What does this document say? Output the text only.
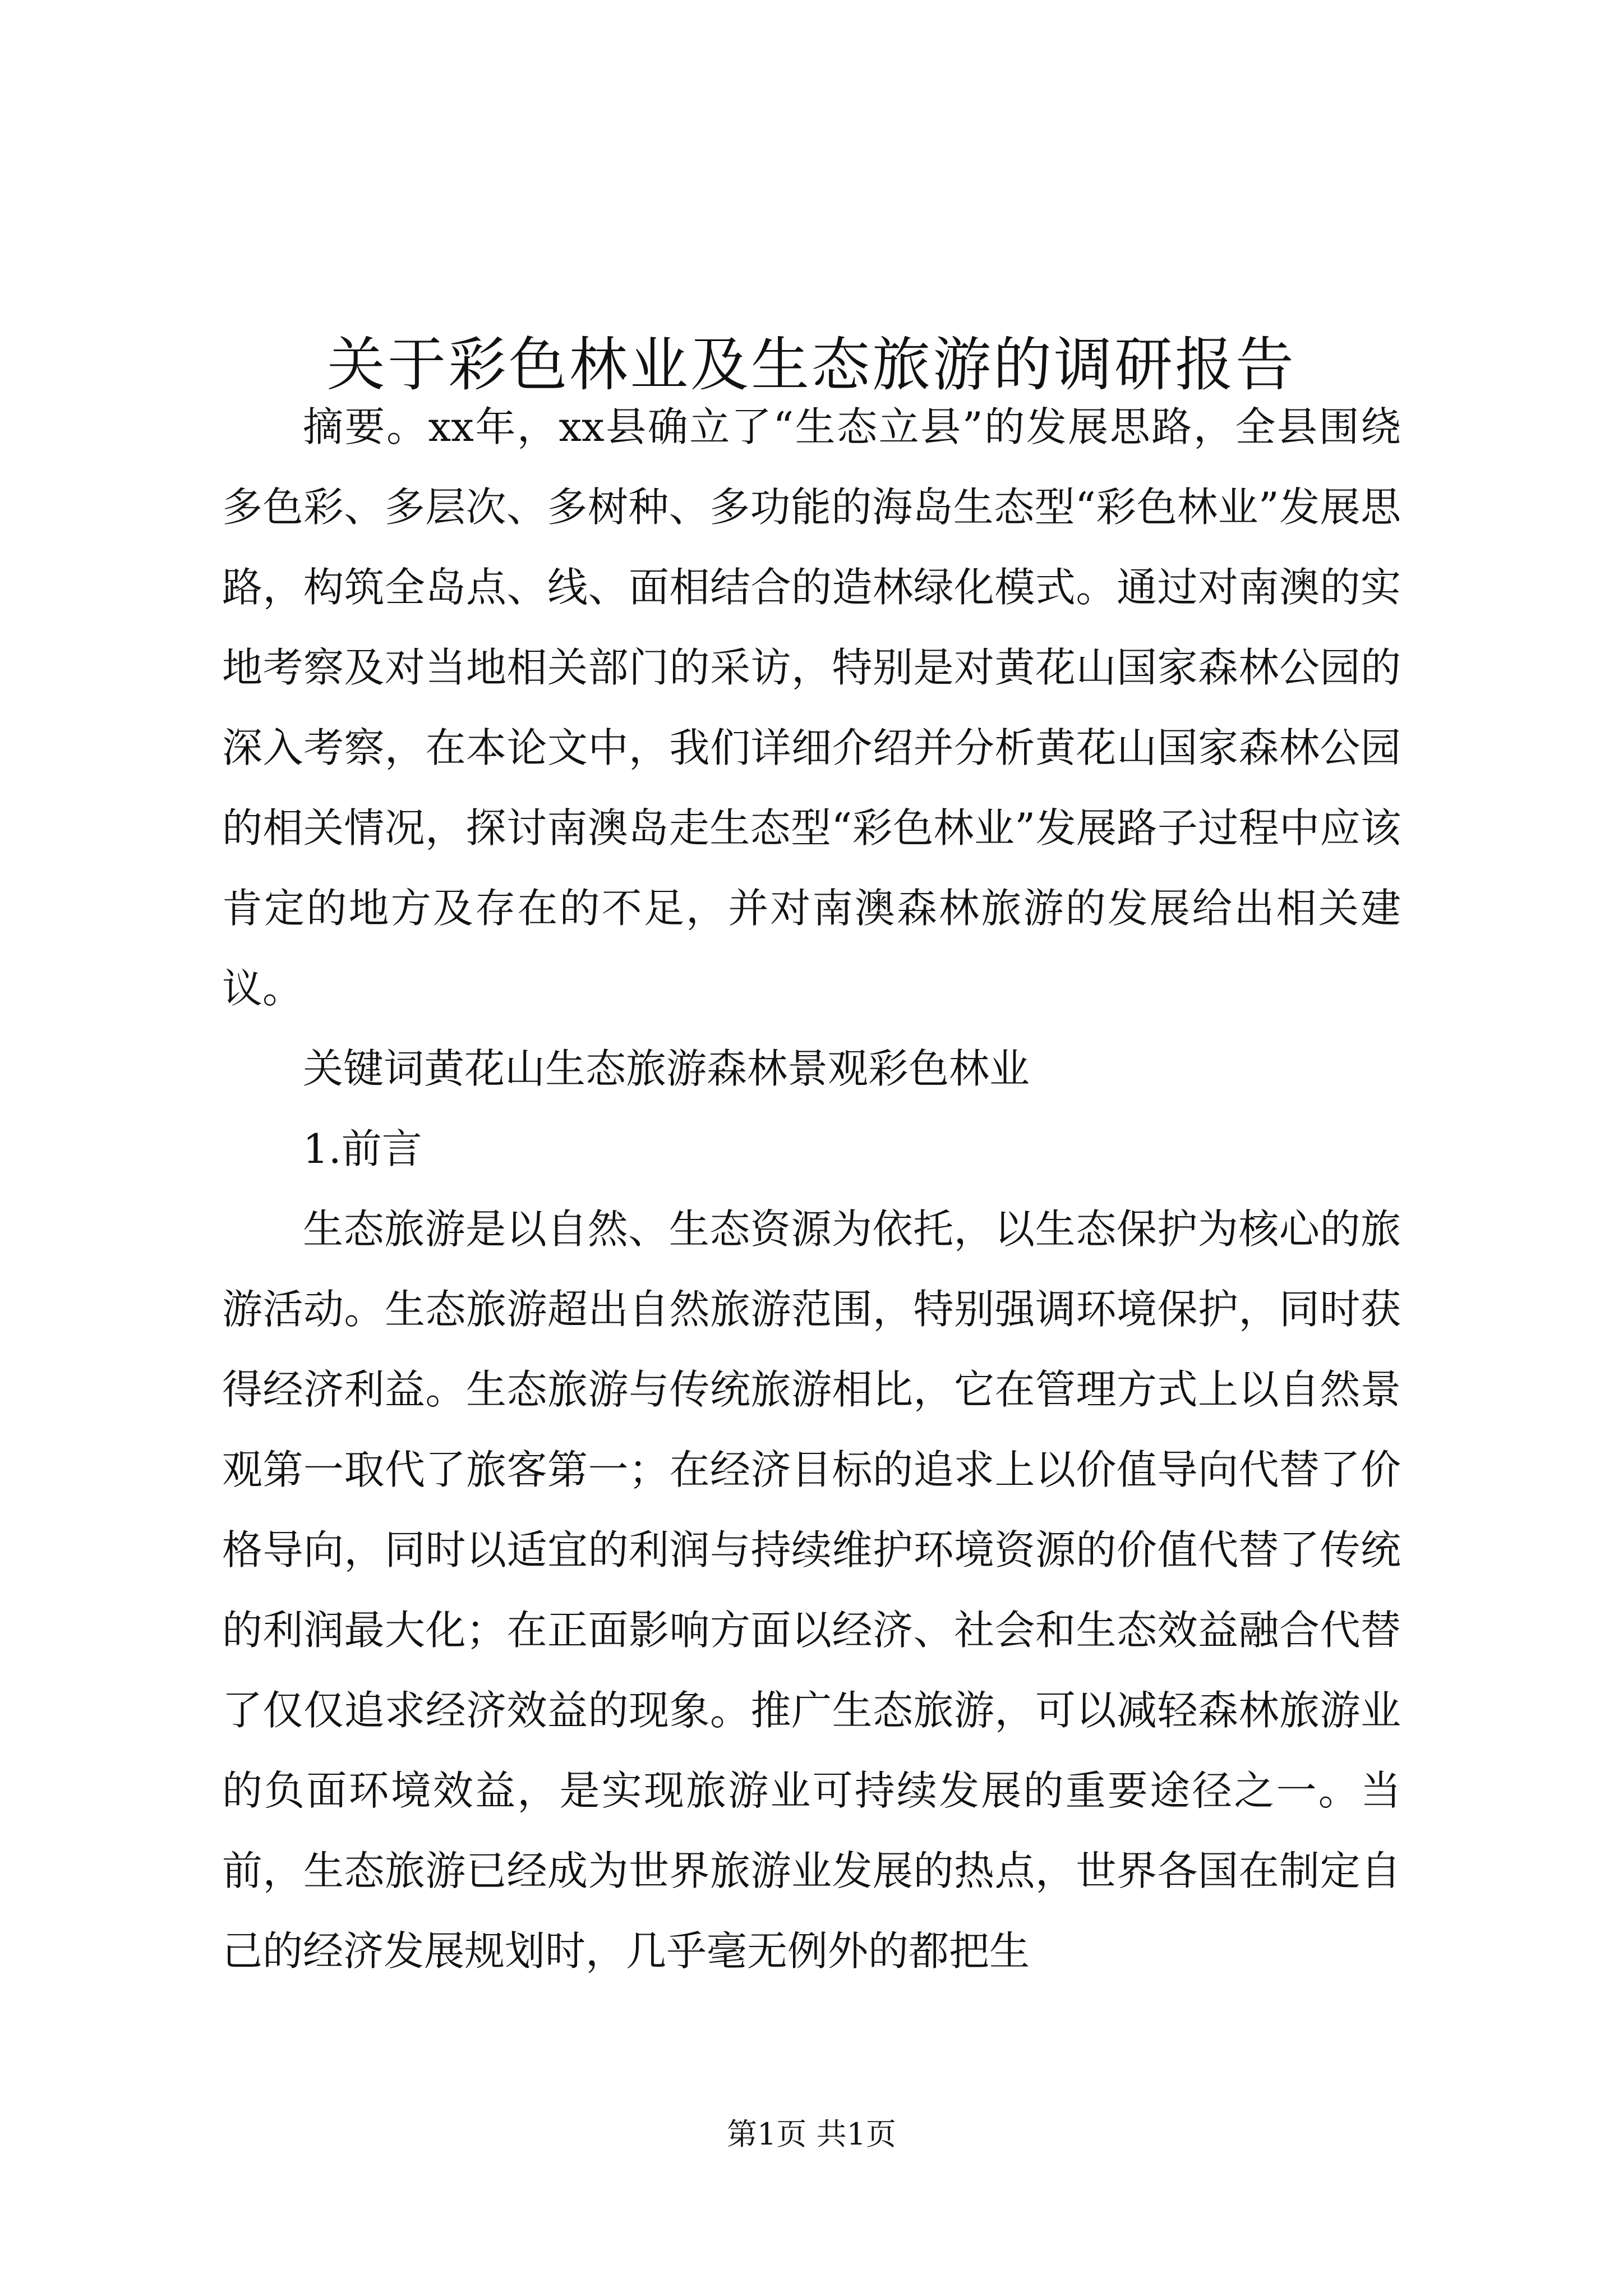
关于彩色林业及生态旅游的调研报告

摘要。xx年，xx县确立了“生态立县”的发展思路，全县围绕多色彩、多层次、多树种、多功能的海岛生态型“彩色林业”发展思路，构筑全岛点、线、面相结合的造林绿化模式。通过对南澳的实地考察及对当地相关部门的采访，特别是对黄花山国家森林公园的深入考察，在本论文中，我们详细介绍并分析黄花山国家森林公园的相关情况，探讨南澳岛走生态型“彩色林业”发展路子过程中应该肯定的地方及存在的不足，并对南澳森林旅游的发展给出相关建议。

关键词黄花山生态旅游森林景观彩色林业

1.前言

生态旅游是以自然、生态资源为依托，以生态保护为核心的旅游活动。生态旅游超出自然旅游范围，特别强调环境保护，同时获得经济利益。生态旅游与传统旅游相比，它在管理方式上以自然景观第一取代了旅客第一；在经济目标的追求上以价值导向代替了价格导向，同时以适宜的利润与持续维护环境资源的价值代替了传统的利润最大化；在正面影响方面以经济、社会和生态效益融合代替了仅仅追求经济效益的现象。推广生态旅游，可以减轻森林旅游业的负面环境效益，是实现旅游业可持续发展的重要途径之一。当前，生态旅游已经成为世界旅游业发展的热点，世界各国在制定自己的经济发展规划时，几乎毫无例外的都把生

第1页 共1页
